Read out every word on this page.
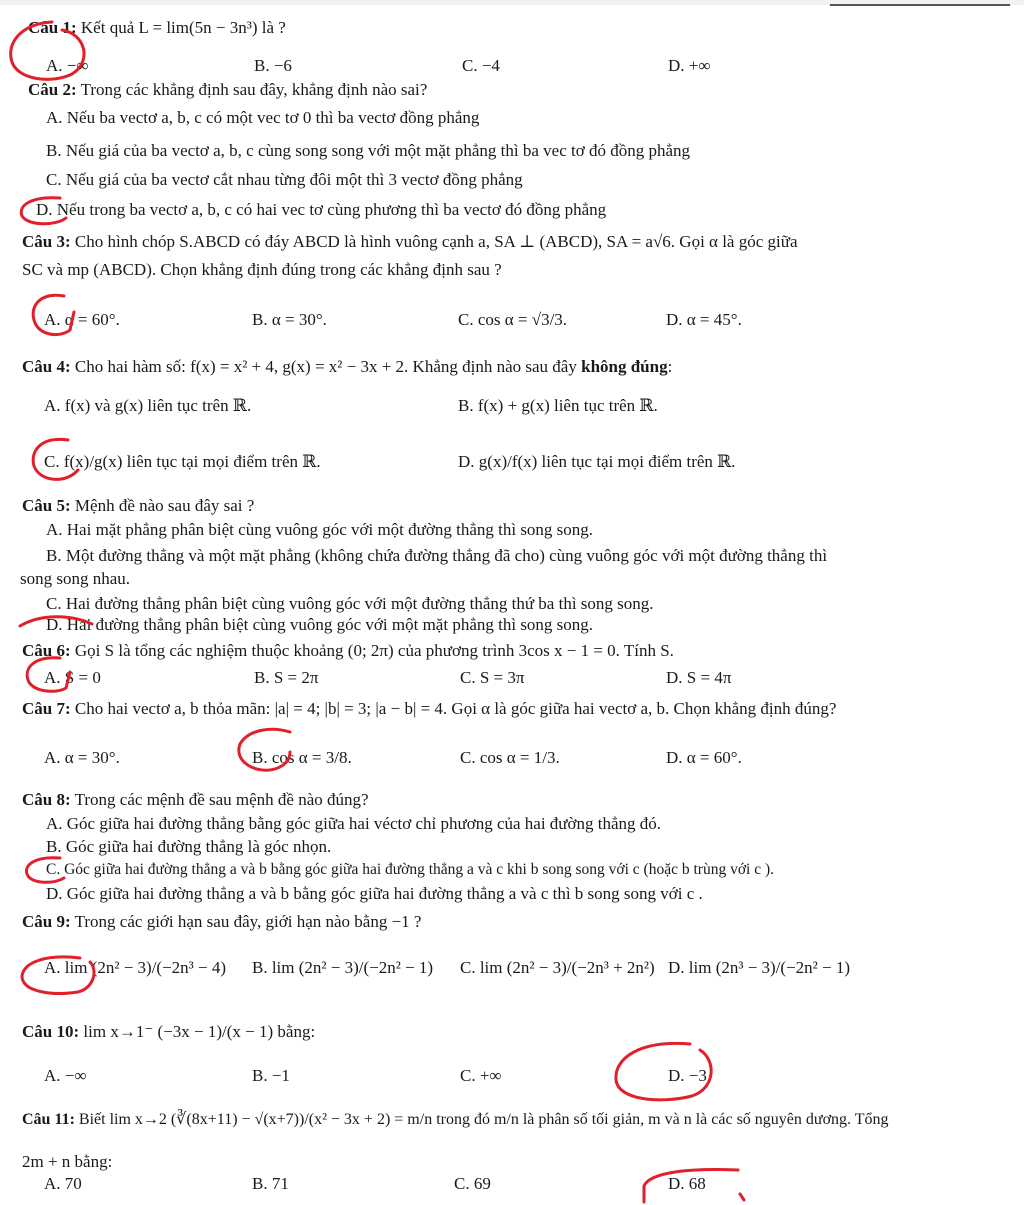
Câu 1: Kết quả L = lim(5n − 3n³) là ?
A. −∞	B. −6	C. −4	D. +∞
Câu 2: Trong các khẳng định sau đây, khẳng định nào sai?
A. Nếu ba vectơ a, b, c có một vec tơ 0 thì ba vectơ đồng phẳng
B. Nếu giá của ba vectơ a, b, c cùng song song với một mặt phẳng thì ba vec tơ đó đồng phẳng
C. Nếu giá của ba vectơ cắt nhau từng đôi một thì 3 vectơ đồng phẳng
D. Nếu trong ba vectơ a, b, c có hai vec tơ cùng phương thì ba vectơ đó đồng phẳng
Câu 3: Cho hình chóp S.ABCD có đáy ABCD là hình vuông cạnh a, SA ⊥ (ABCD), SA = a√6. Gọi α là góc giữa
SC và mp (ABCD). Chọn khẳng định đúng trong các khẳng định sau ?
A. α = 60°.	B. α = 30°.	C. cos α = √3/3.	D. α = 45°.
Câu 4: Cho hai hàm số: f(x) = x² + 4, g(x) = x² − 3x + 2. Khẳng định nào sau đây không đúng:
A. f(x) và g(x) liên tục trên ℝ.	B. f(x) + g(x) liên tục trên ℝ.
C. f(x)/g(x) liên tục tại mọi điểm trên ℝ.	D. g(x)/f(x) liên tục tại mọi điểm trên ℝ.
Câu 5: Mệnh đề nào sau đây sai ?
A. Hai mặt phẳng phân biệt cùng vuông góc với một đường thẳng thì song song.
B. Một đường thẳng và một mặt phẳng (không chứa đường thẳng đã cho) cùng vuông góc với một đường thẳng thì
song song nhau.
C. Hai đường thẳng phân biệt cùng vuông góc với một đường thẳng thứ ba thì song song.
D. Hai đường thẳng phân biệt cùng vuông góc với một mặt phẳng thì song song.
Câu 6: Gọi S là tổng các nghiệm thuộc khoảng (0; 2π) của phương trình 3cos x − 1 = 0. Tính S.
A. S = 0	B. S = 2π	C. S = 3π	D. S = 4π
Câu 7: Cho hai vectơ a, b thỏa mãn: |a| = 4; |b| = 3; |a − b| = 4. Gọi α là góc giữa hai vectơ a, b. Chọn khẳng định đúng?
A. α = 30°.	B. cos α = 3/8.	C. cos α = 1/3.	D. α = 60°.
Câu 8: Trong các mệnh đề sau mệnh đề nào đúng?
A. Góc giữa hai đường thẳng bằng góc giữa hai véctơ chỉ phương của hai đường thẳng đó.
B. Góc giữa hai đường thẳng là góc nhọn.
C. Góc giữa hai đường thẳng a và b bằng góc giữa hai đường thẳng a và c khi b song song với c (hoặc b trùng với c ).
D. Góc giữa hai đường thẳng a và b bằng góc giữa hai đường thẳng a và c thì b song song với c .
Câu 9: Trong các giới hạn sau đây, giới hạn nào bằng −1 ?
A. lim (2n² − 3)/(−2n³ − 4) B. lim (2n² − 3)/(−2n² − 1) C. lim (2n² − 3)/(−2n³ + 2n²) D. lim (2n³ − 3)/(−2n² − 1)
Câu 10: lim x→1⁻ (−3x − 1)/(x − 1) bằng:
A. −∞	B. −1	C. +∞	D. −3
Câu 11: Biết lim x→2 (∛(8x+11) − √(x+7))/(x² − 3x + 2) = m/n trong đó m/n là phân số tối giản, m và n là các số nguyên dương. Tổng
2m + n bằng:
A. 70	B. 71	C. 69	D. 68
